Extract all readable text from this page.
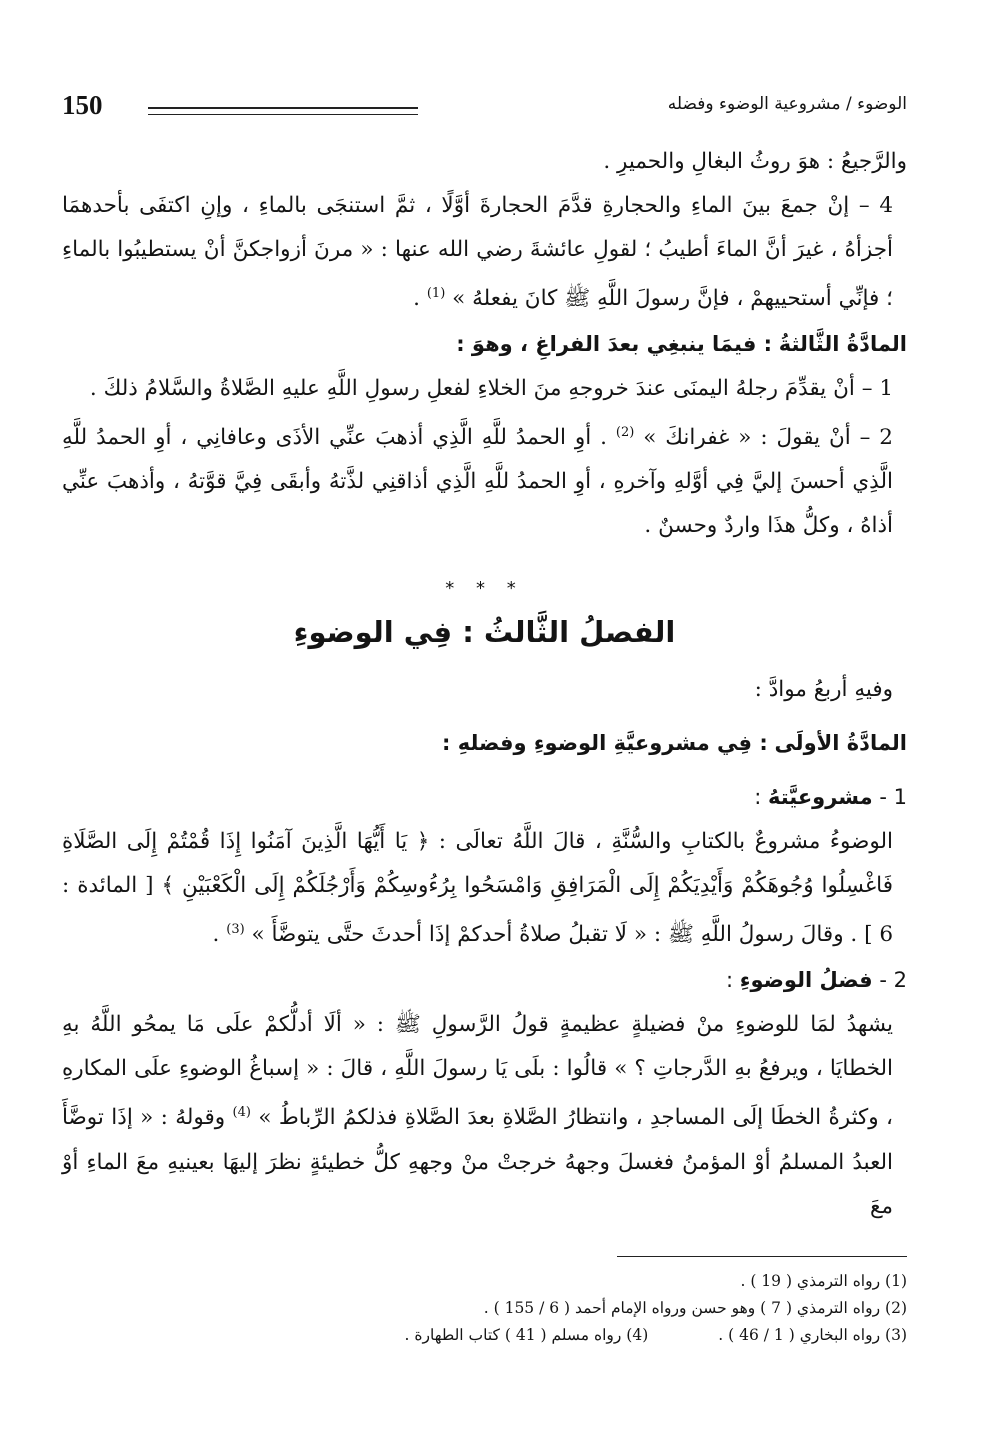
150	الوضوء / مشروعية الوضوء وفضله

والرَّجيعُ : هوَ روثُ البغالِ والحميرِ .

4 – إنْ جمعَ بينَ الماءِ والحجارةِ قدَّمَ الحجارةَ أوَّلًا ، ثمَّ استنجَى بالماءِ ، وإنِ اكتفَى بأحدهمَا أجزأهُ ، غيرَ أنَّ الماءَ أطيبُ ؛ لقولِ عائشةَ رضي الله عنها : « مرنَ أزواجكنَّ أنْ يستطيبُوا بالماءِ ؛ فإنِّي أستحييهمْ ، فإنَّ رسولَ اللَّهِ ﷺ كانَ يفعلهُ » $^{(1)}$ .

المادَّةُ الثَّالثةُ : فيمَا ينبغِي بعدَ الفراغِ ، وهوَ :

1 – أنْ يقدِّمَ رجلهُ اليمنَى عندَ خروجهِ منَ الخلاءِ لفعلِ رسولِ اللَّهِ عليهِ الصَّلاةُ والسَّلامُ ذلكَ .

2 – أنْ يقولَ : « غفرانكَ » $^{(2)}$ . أوِ الحمدُ للَّهِ الَّذِي أذهبَ عنِّي الأذَى وعافانِي ، أوِ الحمدُ للَّهِ الَّذِي أحسنَ إليَّ فِي أوَّلهِ وآخرهِ ، أوِ الحمدُ للَّهِ الَّذِي أذاقنِي لذَّتهُ وأبقَى فِيَّ قوَّتهُ ، وأذهبَ عنِّي أذاهُ ، وكلُّ هذَا واردٌ وحسنٌ .

* * *

الفصلُ الثَّالثُ : فِي الوضوءِ

وفيهِ أربعُ موادَّ :

المادَّةُ الأولَى : فِي مشروعيَّةِ الوضوءِ وفضلهِ :

1 - مشروعيَّتهُ :

الوضوءُ مشروعٌ بالكتابِ والسُّنَّةِ ، قالَ اللَّهُ تعالَى : ﴿ يَا أَيُّهَا الَّذِينَ آمَنُوا إِذَا قُمْتُمْ إِلَى الصَّلَاةِ فَاغْسِلُوا وُجُوهَكُمْ وَأَيْدِيَكُمْ إِلَى الْمَرَافِقِ وَامْسَحُوا بِرُءُوسِكُمْ وَأَرْجُلَكُمْ إِلَى الْكَعْبَيْنِ ﴾ [ المائدة : 6 ] . وقالَ رسولُ اللَّهِ ﷺ : « لَا تقبلُ صلاةُ أحدكمْ إذَا أحدثَ حتَّى يتوضَّأَ » $^{(3)}$ .

2 - فضلُ الوضوءِ :

يشهدُ لمَا للوضوءِ منْ فضيلةٍ عظيمةٍ قولُ الرَّسولِ ﷺ : « ألَا أدلُّكمْ علَى مَا يمحُو اللَّهُ بهِ الخطايَا ، ويرفعُ بهِ الدَّرجاتِ ؟ » قالُوا : بلَى يَا رسولَ اللَّهِ ، قالَ : « إسباغُ الوضوءِ علَى المكارهِ ، وكثرةُ الخطَا إلَى المساجدِ ، وانتظارُ الصَّلاةِ بعدَ الصَّلاةِ فذلكمُ الرِّباطُ » $^{(4)}$ وقولهُ : « إذَا توضَّأَ العبدُ المسلمُ أوْ المؤمنُ فغسلَ وجههُ خرجتْ منْ وجههِ كلُّ خطيئةٍ نظرَ إليهَا بعينيهِ معَ الماءِ أوْ معَ

(1) رواه الترمذي ( 19 ) .
(2) رواه الترمذي ( 7 ) وهو حسن ورواه الإمام أحمد ( 6 / 155 ) .
(3) رواه البخاري ( 1 / 46 ) .(4) رواه مسلم ( 41 ) كتاب الطهارة .
